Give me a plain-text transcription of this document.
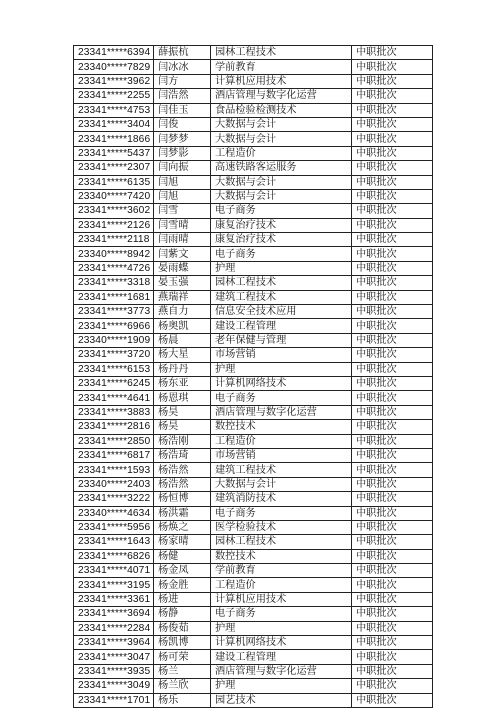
23341*****6394	薛振杭	园林工程技术	中职批次
23340*****7829	闫冰冰	学前教育	中职批次
23341*****3962	闫方	计算机应用技术	中职批次
23341*****2255	闫浩然	酒店管理与数字化运营	中职批次
23341*****4753	闫佳玉	食品检验检测技术	中职批次
23341*****3404	闫俊	大数据与会计	中职批次
23341*****1866	闫梦梦	大数据与会计	中职批次
23341*****5437	闫梦影	工程造价	中职批次
23341*****2307	闫向振	高速铁路客运服务	中职批次
23341*****6135	闫旭	大数据与会计	中职批次
23340*****7420	闫旭	大数据与会计	中职批次
23341*****3602	闫雪	电子商务	中职批次
23341*****2126	闫雪晴	康复治疗技术	中职批次
23341*****2118	闫雨晴	康复治疗技术	中职批次
23340*****8942	闫紫文	电子商务	中职批次
23341*****4726	晏雨蝶	护理	中职批次
23341*****3318	晏玉强	园林工程技术	中职批次
23341*****1681	燕瑞祥	建筑工程技术	中职批次
23341*****3773	燕自力	信息安全技术应用	中职批次
23341*****6966	杨奥凯	建设工程管理	中职批次
23340*****1909	杨晨	老年保健与管理	中职批次
23341*****3720	杨大星	市场营销	中职批次
23341*****6153	杨丹丹	护理	中职批次
23341*****6245	杨东亚	计算机网络技术	中职批次
23341*****4641	杨恩琪	电子商务	中职批次
23341*****3883	杨昊	酒店管理与数字化运营	中职批次
23341*****2816	杨昊	数控技术	中职批次
23341*****2850	杨浩刚	工程造价	中职批次
23341*****6817	杨浩琦	市场营销	中职批次
23341*****1593	杨浩然	建筑工程技术	中职批次
23340*****2403	杨浩然	大数据与会计	中职批次
23341*****3222	杨恒博	建筑消防技术	中职批次
23340*****4634	杨洪霜	电子商务	中职批次
23341*****5956	杨焕之	医学检验技术	中职批次
23341*****1643	杨家晴	园林工程技术	中职批次
23341*****6826	杨健	数控技术	中职批次
23341*****4071	杨金凤	学前教育	中职批次
23341*****3195	杨金胜	工程造价	中职批次
23341*****3361	杨进	计算机应用技术	中职批次
23341*****3694	杨静	电子商务	中职批次
23341*****2284	杨俊茹	护理	中职批次
23341*****3964	杨凯博	计算机网络技术	中职批次
23341*****3047	杨可荣	建设工程管理	中职批次
23341*****3935	杨兰	酒店管理与数字化运营	中职批次
23341*****3049	杨兰欣	护理	中职批次
23341*****1701	杨乐	园艺技术	中职批次
